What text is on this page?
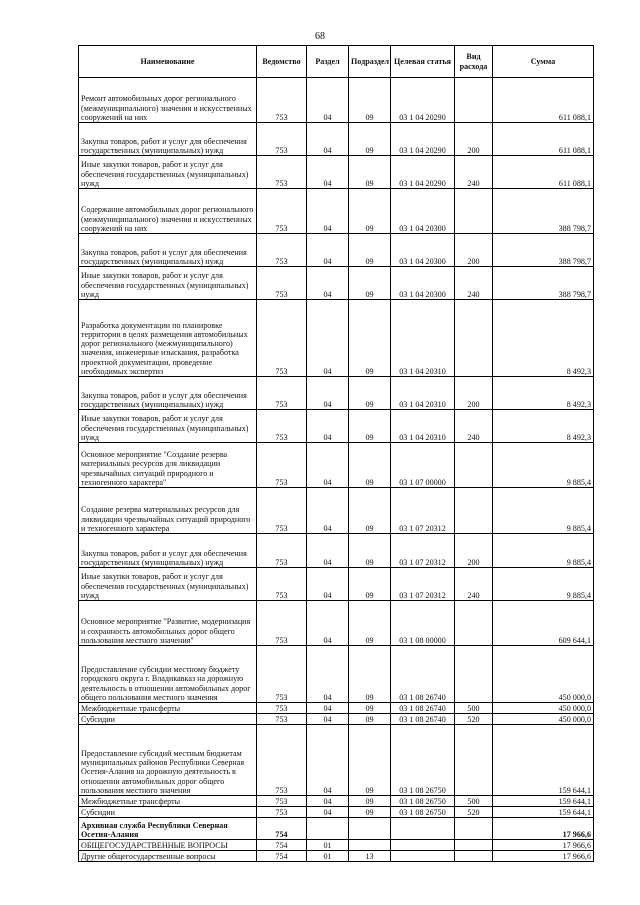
68
Наименование	Ведомство	Раздел	Подраздел	Целевая статья	Вид расхода	Сумма
Ремонт автомобильных дорог регионального (межмуниципального) значения и искусственных сооружений на них	753	04	09	03 1 04 20290		611 088,1
Закупка товаров, работ и услуг для обеспечения государственных (муниципальных) нужд	753	04	09	03 1 04 20290	200	611 088,1
Иные закупки товаров, работ и услуг для обеспечения государственных (муниципальных) нужд	753	04	09	03 1 04 20290	240	611 088,1
Содержание автомобильных дорог регионального (межмуниципального) значения и искусственных сооружений на них	753	04	09	03 1 04 20300		388 798,7
Закупка товаров, работ и услуг для обеспечения государственных (муниципальных) нужд	753	04	09	03 1 04 20300	200	388 798,7
Иные закупки товаров, работ и услуг для обеспечения государственных (муниципальных) нужд	753	04	09	03 1 04 20300	240	388 798,7
Разработка документации по планировке территории в целях размещения автомобильных дорог регионального (межмуниципального) значения, инженерные изыскания, разработка проектной документации, проведение необходимых экспертиз	753	04	09	03 1 04 20310		8 492,3
Закупка товаров, работ и услуг для обеспечения государственных (муниципальных) нужд	753	04	09	03 1 04 20310	200	8 492,3
Иные закупки товаров, работ и услуг для обеспечения государственных (муниципальных) нужд	753	04	09	03 1 04 20310	240	8 492,3
Основное мероприятие "Создание резерва материальных ресурсов для ликвидации чрезвычайных ситуаций природного и техногенного характера"	753	04	09	03 1 07 00000		9 885,4
Создание резерва материальных ресурсов для ликвидации чрезвычайных ситуаций природного и техногенного характера	753	04	09	03 1 07 20312		9 885,4
Закупка товаров, работ и услуг для обеспечения государственных (муниципальных) нужд	753	04	09	03 1 07 20312	200	9 885,4
Иные закупки товаров, работ и услуг для обеспечения государственных (муниципальных) нужд	753	04	09	03 1 07 20312	240	9 885,4
Основное мероприятие "Развитие, модернизация и сохранность автомобильных дорог общего пользования местного значения"	753	04	09	03 1 08 00000		609 644,1
Предоставление субсидии местному бюджету городского округа г. Владикавказ на дорожную деятельность в отношении автомобильных дорог общего пользования местного значения	753	04	09	03 1 08 26740		450 000,0
Межбюджетные трансферты	753	04	09	03 1 08 26740	500	450 000,0
Субсидии	753	04	09	03 1 08 26740	520	450 000,0
Предоставление субсидий местным бюджетам муниципальных районов Республики Северная Осетия-Алания на дорожную деятельность в отношении автомобильных дорог общего пользования местного значения	753	04	09	03 1 08 26750		159 644,1
Межбюджетные трансферты	753	04	09	03 1 08 26750	500	159 644,1
Субсидии	753	04	09	03 1 08 26750	520	159 644,1
Архивная служба Республики Северная Осетия-Алания	754					17 966,6
ОБЩЕГОСУДАРСТВЕННЫЕ ВОПРОСЫ	754	01				17 966,6
Другие общегосударственные вопросы	754	01	13			17 966,6
